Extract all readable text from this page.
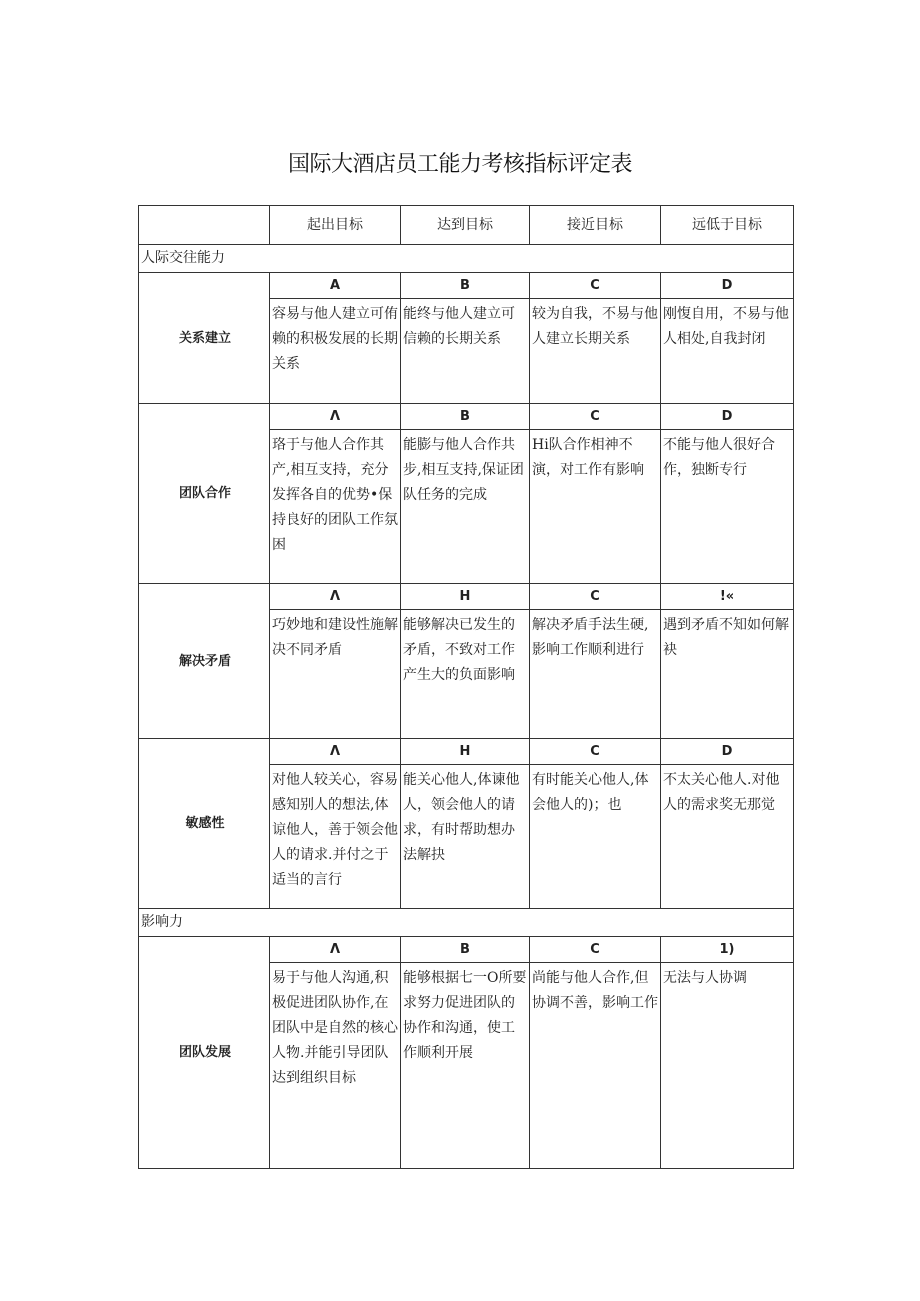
国际大酒店员工能力考核指标评定表
	起出目标	达到目标	接近目标	远低于目标
人际交往能力				
关系建立	A	B	C	D
	容易与他人建立可侑赖的积极发展的长期关系	能终与他人建立可信赖的长期关系	较为自我，不易与他人建立长期关系	刚愎自用，不易与他人相处,自我封闭
团队合作	Λ	B	C	D
	珞于与他人合作其产,相互支持，充分发挥各自的优势•保持良好的团队工作氛困	能膨与他人合作共步,相互支持,保证团队任务的完成	Hi队合作相神不演，对工作有影响	不能与他人很好合作，独断专行
解决矛盾	Λ	H	C	!«
	巧妙地和建设性施解决不同矛盾	能够解决已发生的矛盾，不致对工作产生大的负面影响	解决矛盾手法生硬,影响工作顺利进行	遇到矛盾不知如何解袂
敏感性	Λ	H	C	D
	对他人较关心，容易感知别人的想法,体谅他人，善于领会他人的请求.并付之于适当的言行	能关心他人,体谏他人，领会他人的请求，有时帮助想办法解抉	有时能关心他人,体会他人的)；也	不太关心他人.对他人的需求奖无那觉
影响力				
团队发展	Λ	B	C	1)
	易于与他人沟通,积极促进团队协作,在团队中是自然的核心人物.并能引导团队达到组织目标	能够根据七一O所要求努力促进团队的协作和沟通，使工作顺利开展	尚能与他人合作,但协调不善，影响工作	无法与人协调
